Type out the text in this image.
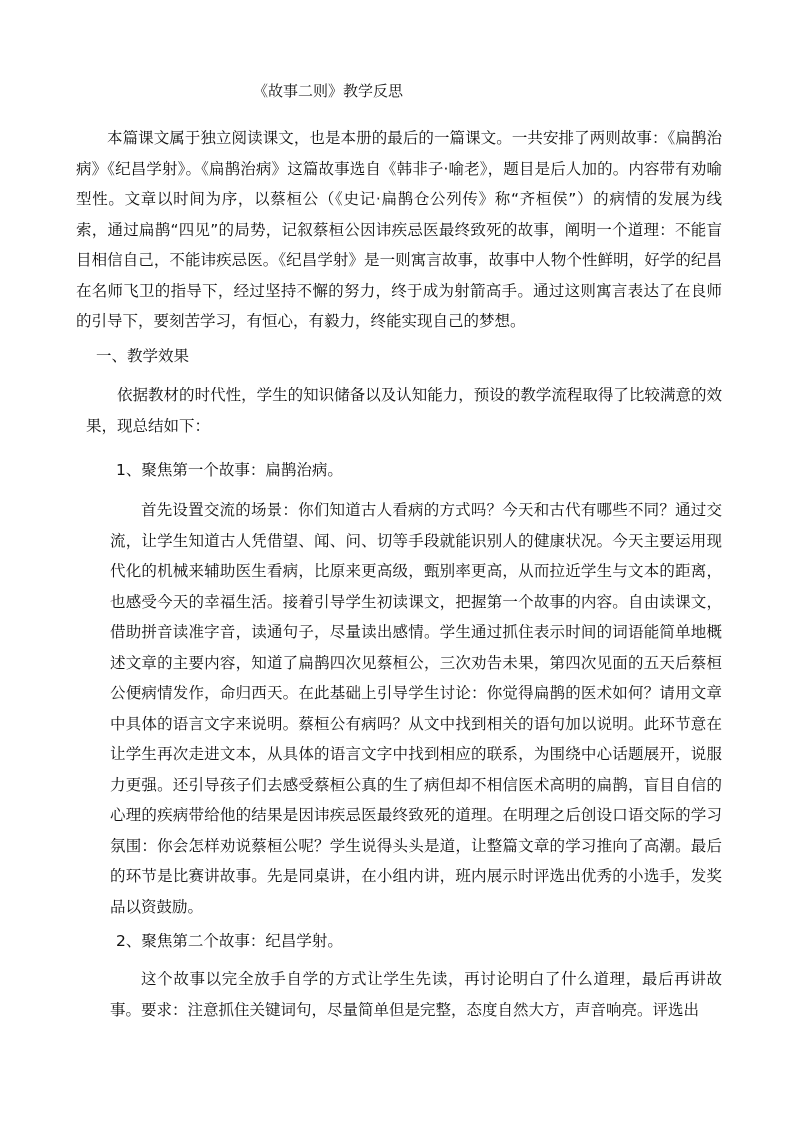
《故事二则》教学反思

本篇课文属于独立阅读课文，也是本册的最后的一篇课文。一共安排了两则故事：《扁鹊治病》《纪昌学射》。《扁鹊治病》这篇故事选自《韩非子·喻老》，题目是后人加的。内容带有劝喻型性。文章以时间为序，以蔡桓公（《史记·扁鹊仓公列传》称“齐桓侯”）的病情的发展为线索，通过扁鹊“四见”的局势，记叙蔡桓公因讳疾忌医最终致死的故事，阐明一个道理：不能盲目相信自己，不能讳疾忌医。《纪昌学射》是一则寓言故事，故事中人物个性鲜明，好学的纪昌在名师飞卫的指导下，经过坚持不懈的努力，终于成为射箭高手。通过这则寓言表达了在良师的引导下，要刻苦学习，有恒心，有毅力，终能实现自己的梦想。

一、教学效果

依据教材的时代性，学生的知识储备以及认知能力，预设的教学流程取得了比较满意的效果，现总结如下：

1、聚焦第一个故事：扁鹊治病。

首先设置交流的场景：你们知道古人看病的方式吗？今天和古代有哪些不同？通过交流，让学生知道古人凭借望、闻、问、切等手段就能识别人的健康状况。今天主要运用现代化的机械来辅助医生看病，比原来更高级，甄别率更高，从而拉近学生与文本的距离，也感受今天的幸福生活。接着引导学生初读课文，把握第一个故事的内容。自由读课文，借助拼音读准字音，读通句子，尽量读出感情。学生通过抓住表示时间的词语能简单地概述文章的主要内容，知道了扁鹊四次见蔡桓公，三次劝告未果，第四次见面的五天后蔡桓公便病情发作，命归西天。在此基础上引导学生讨论：你觉得扁鹊的医术如何？请用文章中具体的语言文字来说明。蔡桓公有病吗？从文中找到相关的语句加以说明。此环节意在让学生再次走进文本，从具体的语言文字中找到相应的联系，为围绕中心话题展开，说服力更强。还引导孩子们去感受蔡桓公真的生了病但却不相信医术高明的扁鹊，盲目自信的心理的疾病带给他的结果是因讳疾忌医最终致死的道理。在明理之后创设口语交际的学习氛围：你会怎样劝说蔡桓公呢？学生说得头头是道，让整篇文章的学习推向了高潮。最后的环节是比赛讲故事。先是同桌讲，在小组内讲，班内展示时评选出优秀的小选手，发奖品以资鼓励。

2、聚焦第二个故事：纪昌学射。

这个故事以完全放手自学的方式让学生先读，再讨论明白了什么道理，最后再讲故事。要求：注意抓住关键词句，尽量简单但是完整，态度自然大方，声音响亮。评选出
